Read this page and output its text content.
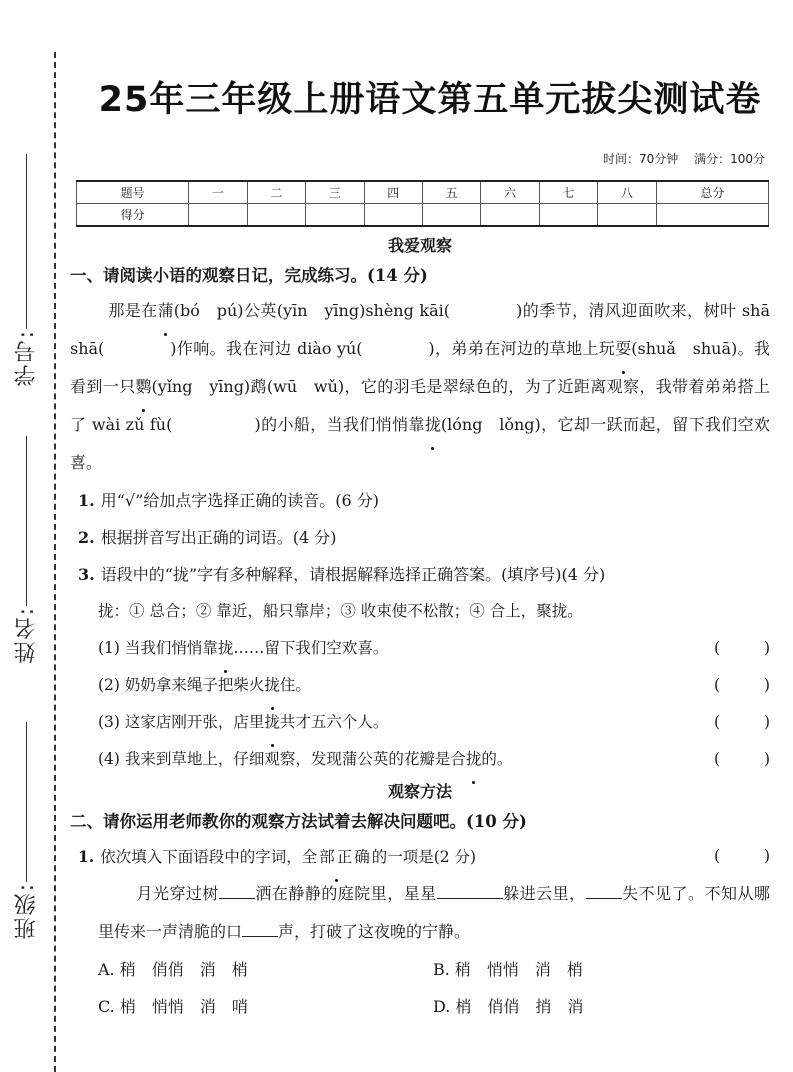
学号:
姓名:
班级:
25年三年级上册语文第五单元拔尖测试卷
时间：70分钟 满分：100分
题号	一	二	三	四	五	六	七	八	总分
得分									
我爱观察
一、请阅读小语的观察日记，完成练习。(14 分)
那是在蒲(bó　pú)公英(yīn　yīng)shèng kāi(　　　　)的季节，清风迎面吹来，树叶 shā shā(　　　　)作响。我在河边 diào yú(　　　　)，弟弟在河边的草地上玩耍(shuǎ　shuā)。我看到一只鹦(yǐng　yīng)鹉(wū　wǔ)，它的羽毛是翠绿色的，为了近距离观察，我带着弟弟搭上了 wài zǔ fù(　　　　　)的小船，当我们悄悄靠拢(lóng　lǒng)，它却一跃而起，留下我们空欢喜。
1. 用“√”给加点字选择正确的读音。(6 分)
2. 根据拼音写出正确的词语。(4 分)
3. 语段中的“拢”字有多种解释，请根据解释选择正确答案。(填序号)(4 分)
拢：① 总合；② 靠近，船只靠岸；③ 收束使不松散；④ 合上，聚拢。
(1) 当我们悄悄靠拢……留下我们空欢喜。	(	)
(2) 奶奶拿来绳子把柴火拢住。	(	)
(3) 这家店刚开张，店里拢共才五六个人。	(	)
(4) 我来到草地上，仔细观察，发现蒲公英的花瓣是合拢的。	(	)
观察方法
二、请你运用老师教你的观察方法试着去解决问题吧。(10 分)
1. 依次填入下面语段中的字词，全部正确的一项是(2 分)	(	)
月光穿过树 洒在静静的庭院里，星星	躲进云里， 失不见了。不知从哪里传来一声清脆的口 声，打破了这夜晚的宁静。
A. 稍　俏俏　消　梢	B. 稍　悄悄　消　梢
C. 梢　悄悄　消　哨	D. 梢　俏俏　捎　消
